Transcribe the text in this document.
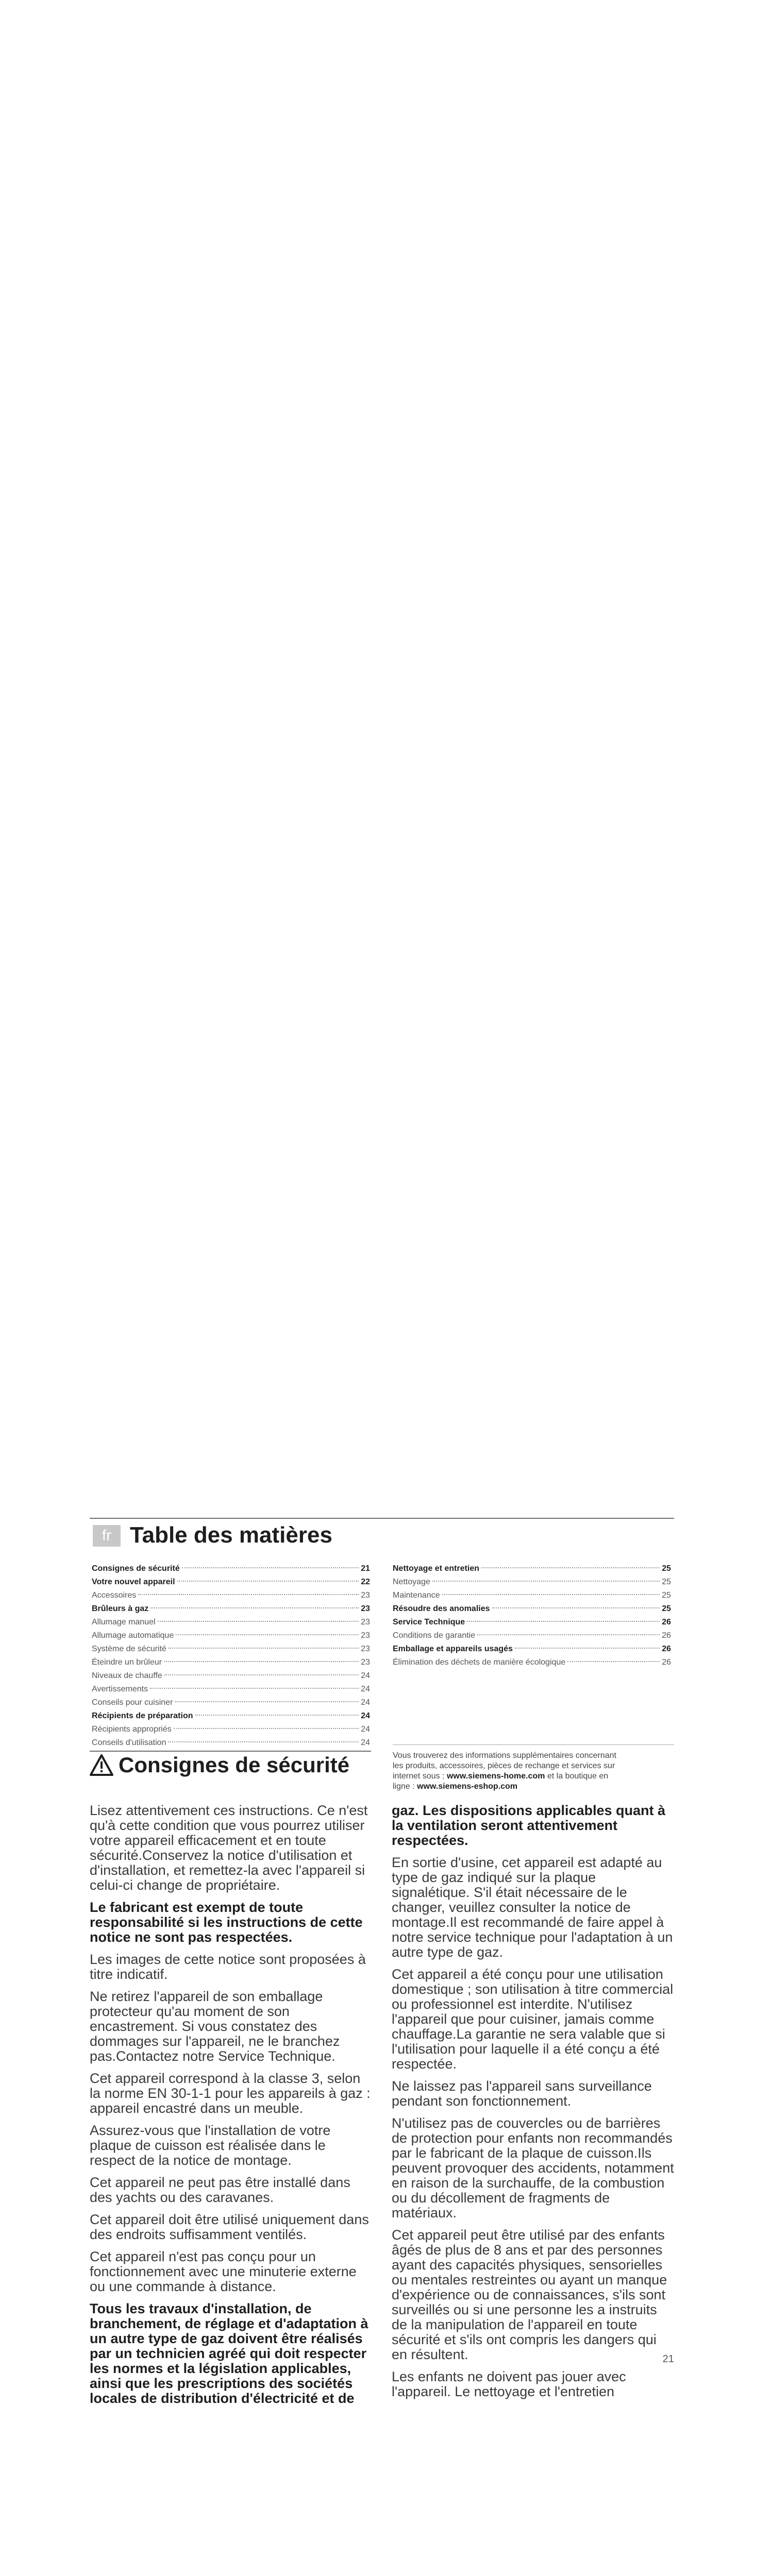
fr Table des matières
Consignes de sécurité	21
Votre nouvel appareil	22
Accessoires	23
Brûleurs à gaz	23
Allumage manuel	23
Allumage automatique	23
Système de sécurité	23
Éteindre un brûleur	23
Niveaux de chauffe	24
Avertissements	24
Conseils pour cuisiner	24
Récipients de préparation	24
Récipients appropriés	24
Conseils d'utilisation	24
Nettoyage et entretien	25
Nettoyage	25
Maintenance	25
Résoudre des anomalies	25
Service Technique	26
Conditions de garantie	26
Emballage et appareils usagés	26
Élimination des déchets de manière écologique	26
Vous trouverez des informations supplémentaires concernant
les produits, accessoires, pièces de rechange et services sur
internet sous : www.siemens-home.com et la boutique en
ligne : www.siemens-eshop.com
Consignes de sécurité

Lisez attentivement ces instructions. Ce n'est qu'à cette condition que vous pourrez utiliser votre appareil efficacement et en toute sécurité.Conservez la notice d'utilisation et d'installation, et remettez-la avec l'appareil si celui-ci change de propriétaire.

Le fabricant est exempt de toute responsabilité si les instructions de cette notice ne sont pas respectées.

Les images de cette notice sont proposées à titre indicatif.

Ne retirez l'appareil de son emballage protecteur qu'au moment de son encastrement. Si vous constatez des dommages sur l'appareil, ne le branchez pas.Contactez notre Service Technique.

Cet appareil correspond à la classe 3, selon la norme EN 30-1-1 pour les appareils à gaz : appareil encastré dans un meuble.

Assurez-vous que l'installation de votre plaque de cuisson est réalisée dans le respect de la notice de montage.

Cet appareil ne peut pas être installé dans des yachts ou des caravanes.

Cet appareil doit être utilisé uniquement dans des endroits suffisamment ventilés.

Cet appareil n'est pas conçu pour un fonctionnement avec une minuterie externe ou une commande à distance.

Tous les travaux d'installation, de branchement, de réglage et d'adaptation à un autre type de gaz doivent être réalisés par un technicien agréé qui doit respecter les normes et la législation applicables, ainsi que les prescriptions des sociétés locales de distribution d'électricité et de

gaz. Les dispositions applicables quant à la ventilation seront attentivement respectées.

En sortie d'usine, cet appareil est adapté au type de gaz indiqué sur la plaque signalétique. S'il était nécessaire de le changer, veuillez consulter la notice de montage.Il est recommandé de faire appel à notre service technique pour l'adaptation à un autre type de gaz.

Cet appareil a été conçu pour une utilisation domestique ; son utilisation à titre commercial ou professionnel est interdite. N'utilisez l'appareil que pour cuisiner, jamais comme chauffage.La garantie ne sera valable que si l'utilisation pour laquelle il a été conçu a été respectée.

Ne laissez pas l'appareil sans surveillance pendant son fonctionnement.

N'utilisez pas de couvercles ou de barrières de protection pour enfants non recommandés par le fabricant de la plaque de cuisson.Ils peuvent provoquer des accidents, notamment en raison de la surchauffe, de la combustion ou du décollement de fragments de matériaux.

Cet appareil peut être utilisé par des enfants âgés de plus de 8 ans et par des personnes ayant des capacités physiques, sensorielles ou mentales restreintes ou ayant un manque d'expérience ou de connaissances, s'ils sont surveillés ou si une personne les a instruits de la manipulation de l'appareil en toute sécurité et s'ils ont compris les dangers qui en résultent.

Les enfants ne doivent pas jouer avec l'appareil. Le nettoyage et l'entretien

21
